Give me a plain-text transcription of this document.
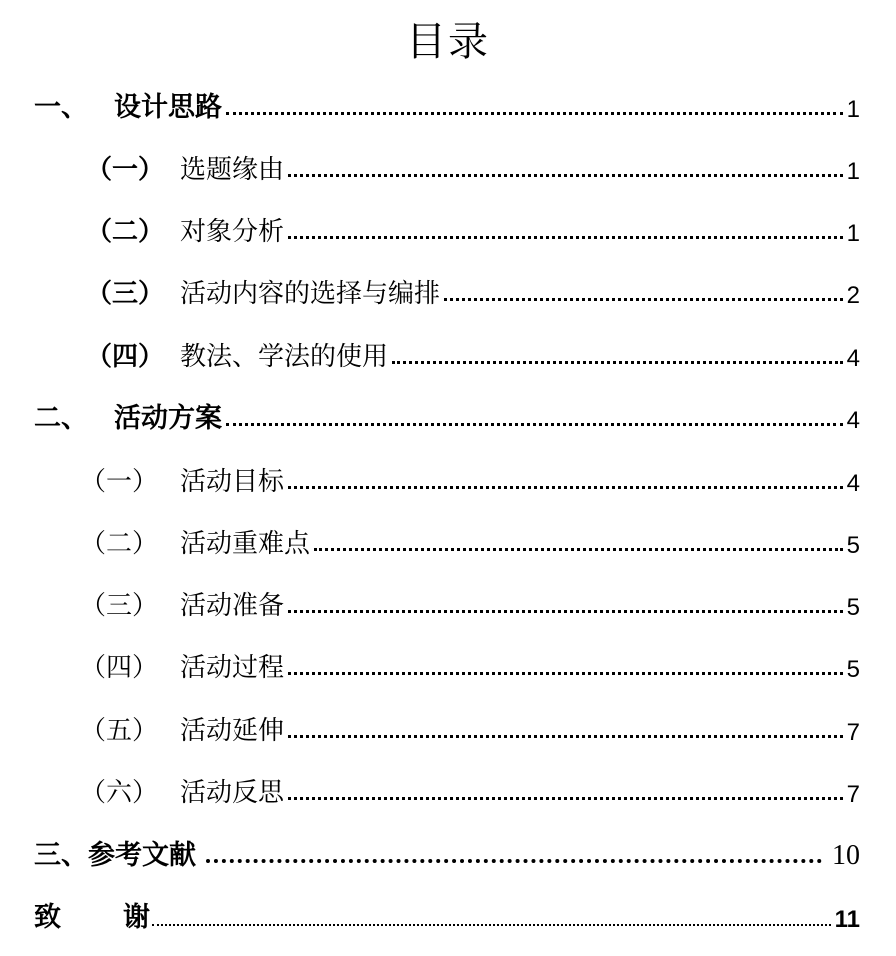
目录
一、 设计思路	1
（一） 选题缘由	1
（二） 对象分析	1
（三） 活动内容的选择与编排	2
（四） 教法、学法的使用	4
二、 活动方案	4
（一） 活动目标	4
（二） 活动重难点	5
（三） 活动准备	5
（四） 活动过程	5
（五） 活动延伸	7
（六） 活动反思	7
三、 参考文献	10
致 谢	11
